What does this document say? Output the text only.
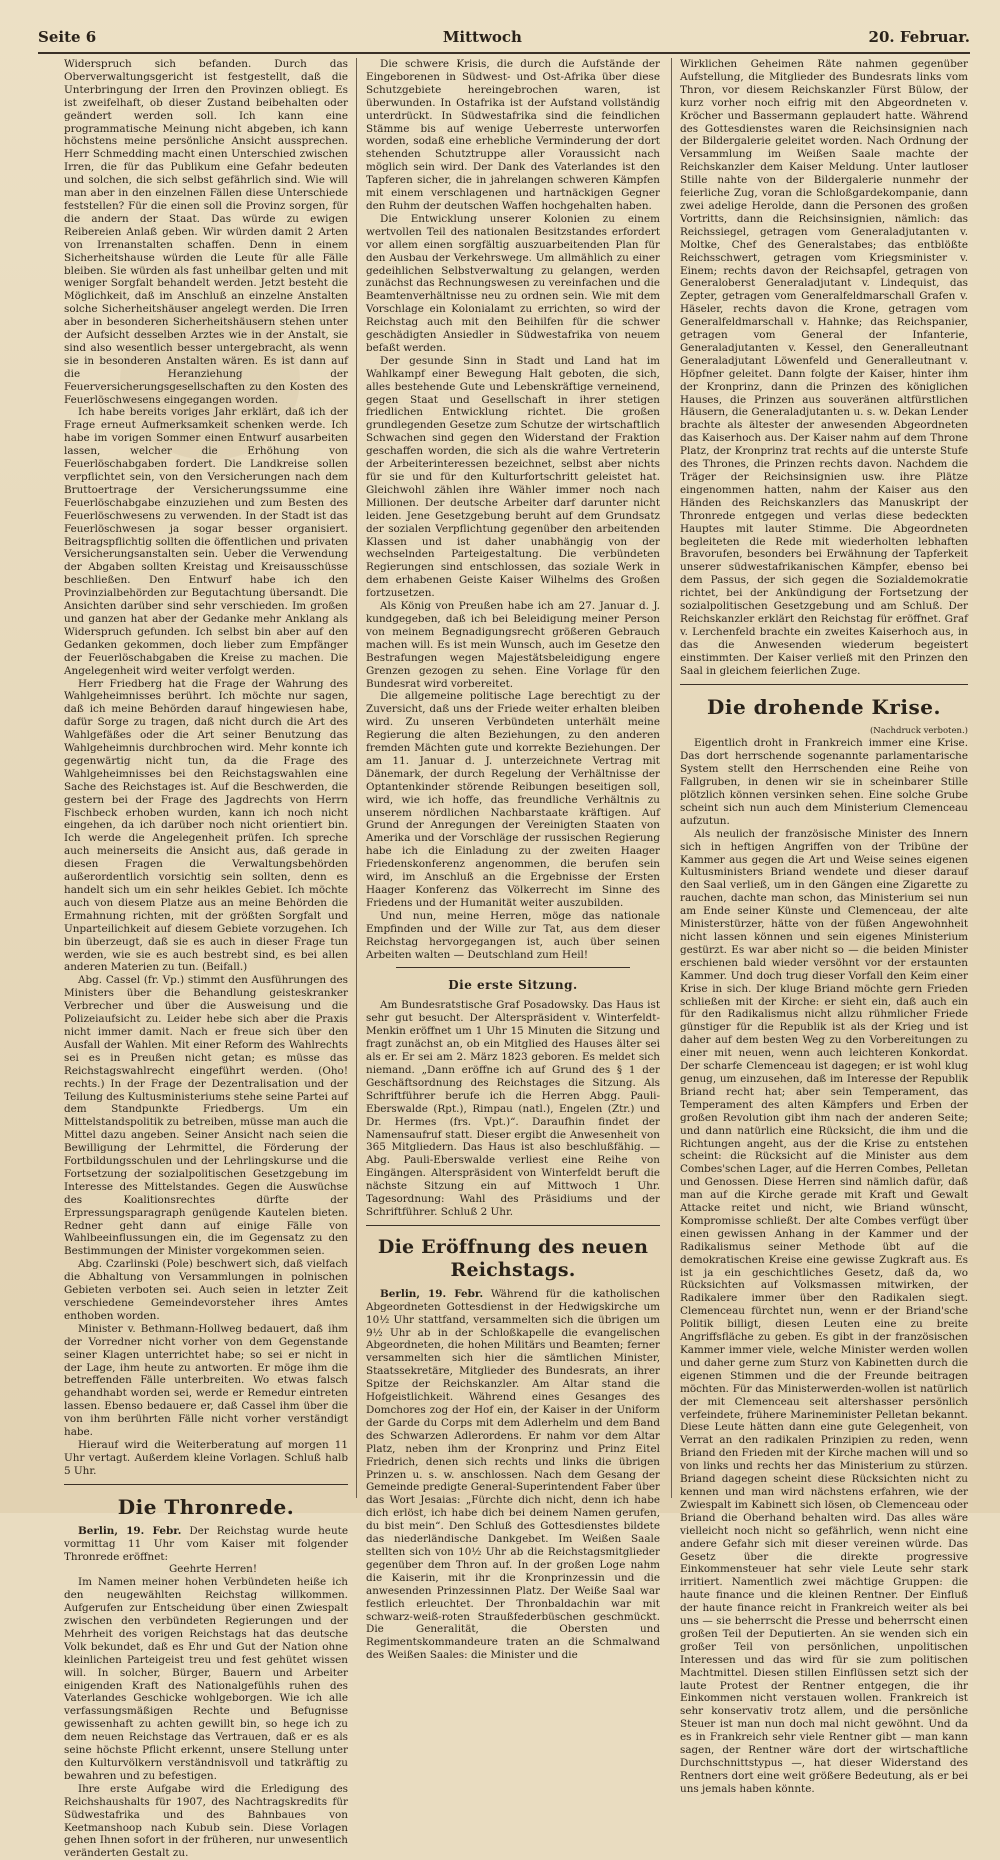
Seite 6	Mittwoch	20. Februar.

Widerspruch sich befanden. Durch das Oberverwaltungsgericht ist festgestellt, daß die Unterbringung der Irren den Provinzen obliegt. Es ist zweifelhaft, ob dieser Zustand beibehalten oder geändert werden soll. Ich kann eine programmatische Meinung nicht abgeben, ich kann höchstens meine persönliche Ansicht aussprechen. Herr Schmedding macht einen Unterschied zwischen Irren, die für das Publikum eine Gefahr bedeuten und solchen, die sich selbst gefährlich sind. Wie will man aber in den einzelnen Fällen diese Unterschiede feststellen? Für die einen soll die Provinz sorgen, für die andern der Staat. Das würde zu ewigen Reibereien Anlaß geben. Wir würden damit 2 Arten von Irrenanstalten schaffen. Denn in einem Sicherheitshause würden die Leute für alle Fälle bleiben. Sie würden als fast unheilbar gelten und mit weniger Sorgfalt behandelt werden. Jetzt besteht die Möglichkeit, daß im Anschluß an einzelne Anstalten solche Sicherheitshäuser angelegt werden. Die Irren aber in besonderen Sicherheitshäusern stehen unter der Aufsicht desselben Arztes wie in der Anstalt, sie sind also wesentlich besser untergebracht, als wenn sie in besonderen Anstalten wären. Es ist dann auf die Heranziehung der Feuerversicherungsgesellschaften zu den Kosten des Feuerlöschwesens eingegangen worden.

Ich habe bereits voriges Jahr erklärt, daß ich der Frage erneut Aufmerksamkeit schenken werde. Ich habe im vorigen Sommer einen Entwurf ausarbeiten lassen, welcher die Erhöhung von Feuerlöschabgaben fordert. Die Landkreise sollen verpflichtet sein, von den Versicherungen nach dem Bruttoertrage der Versicherungssumme eine Feuerlöschabgabe einzuziehen und zum Besten des Feuerlöschwesens zu verwenden. In der Stadt ist das Feuerlöschwesen ja sogar besser organisiert. Beitragspflichtig sollten die öffentlichen und privaten Versicherungsanstalten sein. Ueber die Verwendung der Abgaben sollten Kreistag und Kreisausschüsse beschließen. Den Entwurf habe ich den Provinzialbehörden zur Begutachtung übersandt. Die Ansichten darüber sind sehr verschieden. Im großen und ganzen hat aber der Gedanke mehr Anklang als Widerspruch gefunden. Ich selbst bin aber auf den Gedanken gekommen, doch lieber zum Empfänger der Feuerlöschabgaben die Kreise zu machen. Die Angelegenheit wird weiter verfolgt werden.

Herr Friedberg hat die Frage der Wahrung des Wahlgeheimnisses berührt. Ich möchte nur sagen, daß ich meine Behörden darauf hingewiesen habe, dafür Sorge zu tragen, daß nicht durch die Art des Wahlgefäßes oder die Art seiner Benutzung das Wahlgeheimnis durchbrochen wird. Mehr konnte ich gegenwärtig nicht tun, da die Frage des Wahlgeheimnisses bei den Reichstagswahlen eine Sache des Reichstages ist. Auf die Beschwerden, die gestern bei der Frage des Jagdrechts von Herrn Fischbeck erhoben wurden, kann ich noch nicht eingehen, da ich darüber noch nicht orientiert bin. Ich werde die Angelegenheit prüfen. Ich spreche auch meinerseits die Ansicht aus, daß gerade in diesen Fragen die Verwaltungsbehörden außerordentlich vorsichtig sein sollten, denn es handelt sich um ein sehr heikles Gebiet. Ich möchte auch von diesem Platze aus an meine Behörden die Ermahnung richten, mit der größten Sorgfalt und Unparteilichkeit auf diesem Gebiete vorzugehen. Ich bin überzeugt, daß sie es auch in dieser Frage tun werden, wie sie es auch bestrebt sind, es bei allen anderen Materien zu tun. (Beifall.)

Abg. Cassel (fr. Vp.) stimmt den Ausführungen des Ministers über die Behandlung geisteskranker Verbrecher und über die Ausweisung und die Polizeiaufsicht zu. Leider hebe sich aber die Praxis nicht immer damit. Nach er freue sich über den Ausfall der Wahlen. Mit einer Reform des Wahlrechts sei es in Preußen nicht getan; es müsse das Reichstagswahlrecht eingeführt werden. (Oho! rechts.) In der Frage der Dezentralisation und der Teilung des Kultusministeriums stehe seine Partei auf dem Standpunkte Friedbergs. Um ein Mittelstandspolitik zu betreiben, müsse man auch die Mittel dazu angeben. Seiner Ansicht nach seien die Bewilligung der Lehrmittel, die Förderung der Fortbildungsschulen und der Lehrlingskurse und die Fortsetzung der sozialpolitischen Gesetzgebung im Interesse des Mittelstandes. Gegen die Auswüchse des Koalitionsrechtes dürfte der Erpressungsparagraph genügende Kautelen bieten. Redner geht dann auf einige Fälle von Wahlbeeinflussungen ein, die im Gegensatz zu den Bestimmungen der Minister vorgekommen seien.

Abg. Czarlinski (Pole) beschwert sich, daß vielfach die Abhaltung von Versammlungen in polnischen Gebieten verboten sei. Auch seien in letzter Zeit verschiedene Gemeindevorsteher ihres Amtes enthoben worden.

Minister v. Bethmann-Hollweg bedauert, daß ihm der Vorredner nicht vorher von dem Gegenstande seiner Klagen unterrichtet habe; so sei er nicht in der Lage, ihm heute zu antworten. Er möge ihm die betreffenden Fälle unterbreiten. Wo etwas falsch gehandhabt worden sei, werde er Remedur eintreten lassen. Ebenso bedauere er, daß Cassel ihm über die von ihm berührten Fälle nicht vorher verständigt habe.

Hierauf wird die Weiterberatung auf morgen 11 Uhr vertagt. Außerdem kleine Vorlagen. Schluß halb 5 Uhr.

Die Thronrede.

Berlin, 19. Febr. Der Reichstag wurde heute vormittag 11 Uhr vom Kaiser mit folgender Thronrede eröffnet:

Geehrte Herren!

Im Namen meiner hohen Verbündeten heiße ich den neugewählten Reichstag willkommen. Aufgerufen zur Entscheidung über einen Zwiespalt zwischen den verbündeten Regierungen und der Mehrheit des vorigen Reichstags hat das deutsche Volk bekundet, daß es Ehr und Gut der Nation ohne kleinlichen Parteigeist treu und fest gehütet wissen will. In solcher, Bürger, Bauern und Arbeiter einigenden Kraft des Nationalgefühls ruhen des Vaterlandes Geschicke wohlgeborgen. Wie ich alle verfassungsmäßigen Rechte und Befugnisse gewissenhaft zu achten gewillt bin, so hege ich zu dem neuen Reichstage das Vertrauen, daß er es als seine höchste Pflicht erkennt, unsere Stellung unter den Kulturvölkern verständnisvoll und tatkräftig zu bewahren und zu befestigen.

Ihre erste Aufgabe wird die Erledigung des Reichshaushalts für 1907, des Nachtragskredits für Südwestafrika und des Bahnbaues von Keetmanshoop nach Kubub sein. Diese Vorlagen gehen Ihnen sofort in der früheren, nur unwesentlich veränderten Gestalt zu.

Die schwere Krisis, die durch die Aufstände der Eingeborenen in Südwest- und Ost-Afrika über diese Schutzgebiete hereingebrochen waren, ist überwunden. In Ostafrika ist der Aufstand vollständig unterdrückt. In Südwestafrika sind die feindlichen Stämme bis auf wenige Ueberreste unterworfen worden, sodaß eine erhebliche Verminderung der dort stehenden Schutztruppe aller Voraussicht nach möglich sein wird. Der Dank des Vaterlandes ist den Tapferen sicher, die in jahrelangen schweren Kämpfen mit einem verschlagenen und hartnäckigen Gegner den Ruhm der deutschen Waffen hochgehalten haben.

Die Entwicklung unserer Kolonien zu einem wertvollen Teil des nationalen Besitzstandes erfordert vor allem einen sorgfältig auszuarbeitenden Plan für den Ausbau der Verkehrswege. Um allmählich zu einer gedeihlichen Selbstverwaltung zu gelangen, werden zunächst das Rechnungswesen zu vereinfachen und die Beamtenverhältnisse neu zu ordnen sein. Wie mit dem Vorschlage ein Kolonialamt zu errichten, so wird der Reichstag auch mit den Beihilfen für die schwer geschädigten Ansiedler in Südwestafrika von neuem befaßt werden.

Der gesunde Sinn in Stadt und Land hat im Wahlkampf einer Bewegung Halt geboten, die sich, alles bestehende Gute und Lebenskräftige verneinend, gegen Staat und Gesellschaft in ihrer stetigen friedlichen Entwicklung richtet. Die großen grundlegenden Gesetze zum Schutze der wirtschaftlich Schwachen sind gegen den Widerstand der Fraktion geschaffen worden, die sich als die wahre Vertreterin der Arbeiterinteressen bezeichnet, selbst aber nichts für sie und für den Kulturfortschritt geleistet hat. Gleichwohl zählen ihre Wähler immer noch nach Millionen. Der deutsche Arbeiter darf darunter nicht leiden. Jene Gesetzgebung beruht auf dem Grundsatz der sozialen Verpflichtung gegenüber den arbeitenden Klassen und ist daher unabhängig von der wechselnden Parteigestaltung. Die verbündeten Regierungen sind entschlossen, das soziale Werk in dem erhabenen Geiste Kaiser Wilhelms des Großen fortzusetzen.

Als König von Preußen habe ich am 27. Januar d. J. kundgegeben, daß ich bei Beleidigung meiner Person von meinem Begnadigungsrecht größeren Gebrauch machen will. Es ist mein Wunsch, auch im Gesetze den Bestrafungen wegen Majestätsbeleidigung engere Grenzen gezogen zu sehen. Eine Vorlage für den Bundesrat wird vorbereitet.

Die allgemeine politische Lage berechtigt zu der Zuversicht, daß uns der Friede weiter erhalten bleiben wird. Zu unseren Verbündeten unterhält meine Regierung die alten Beziehungen, zu den anderen fremden Mächten gute und korrekte Beziehungen. Der am 11. Januar d. J. unterzeichnete Vertrag mit Dänemark, der durch Regelung der Verhältnisse der Optantenkinder störende Reibungen beseitigen soll, wird, wie ich hoffe, das freundliche Verhältnis zu unserem nördlichen Nachbarstaate kräftigen. Auf Grund der Anregungen der Vereinigten Staaten von Amerika und der Vorschläge der russischen Regierung habe ich die Einladung zu der zweiten Haager Friedenskonferenz angenommen, die berufen sein wird, im Anschluß an die Ergebnisse der Ersten Haager Konferenz das Völkerrecht im Sinne des Friedens und der Humanität weiter auszubilden.

Und nun, meine Herren, möge das nationale Empfinden und der Wille zur Tat, aus dem dieser Reichstag hervorgegangen ist, auch über seinen Arbeiten walten — Deutschland zum Heil!

Die erste Sitzung.

Am Bundesratstische Graf Posadowsky. Das Haus ist sehr gut besucht. Der Alterspräsident v. Winterfeldt-Menkin eröffnet um 1 Uhr 15 Minuten die Sitzung und fragt zunächst an, ob ein Mitglied des Hauses älter sei als er. Er sei am 2. März 1823 geboren. Es meldet sich niemand. „Dann eröffne ich auf Grund des § 1 der Geschäftsordnung des Reichstages die Sitzung. Als Schriftführer berufe ich die Herren Abgg. Pauli-Eberswalde (Rpt.), Rimpau (natl.), Engelen (Ztr.) und Dr. Hermes (frs. Vpt.)“. Daraufhin findet der Namensaufruf statt. Dieser ergibt die Anwesenheit von 365 Mitgliedern. Das Haus ist also beschlußfähig. — Abg. Pauli-Eberswalde verliest eine Reihe von Eingängen. Alterspräsident von Winterfeldt beruft die nächste Sitzung ein auf Mittwoch 1 Uhr. Tagesordnung: Wahl des Präsidiums und der Schriftführer. Schluß 2 Uhr.

Die Eröffnung des neuen Reichstags.

Berlin, 19. Febr. Während für die katholischen Abgeordneten Gottesdienst in der Hedwigskirche um 10½ Uhr stattfand, versammelten sich die übrigen um 9½ Uhr ab in der Schloßkapelle die evangelischen Abgeordneten, die hohen Militärs und Beamten; ferner versammelten sich hier die sämtlichen Minister, Staatssekretäre, Mitglieder des Bundesrats, an ihrer Spitze der Reichskanzler. Am Altar stand die Hofgeistlichkeit. Während eines Gesanges des Domchores zog der Hof ein, der Kaiser in der Uniform der Garde du Corps mit dem Adlerhelm und dem Band des Schwarzen Adlerordens. Er nahm vor dem Altar Platz, neben ihm der Kronprinz und Prinz Eitel Friedrich, denen sich rechts und links die übrigen Prinzen u. s. w. anschlossen. Nach dem Gesang der Gemeinde predigte General-Superintendent Faber über das Wort Jesaias: „Fürchte dich nicht, denn ich habe dich erlöst, ich habe dich bei deinem Namen gerufen, du bist mein“. Den Schluß des Gottesdienstes bildete das niederländische Dankgebet. Im Weißen Saale stellten sich von 10½ Uhr ab die Reichstagsmitglieder gegenüber dem Thron auf. In der großen Loge nahm die Kaiserin, mit ihr die Kronprinzessin und die anwesenden Prinzessinnen Platz. Der Weiße Saal war festlich erleuchtet. Der Thronbaldachin war mit schwarz-weiß-roten Straußfederbüschen geschmückt. Die Generalität, die Obersten und Regimentskommandeure traten an die Schmalwand des Weißen Saales: die Minister und die

Wirklichen Geheimen Räte nahmen gegenüber Aufstellung, die Mitglieder des Bundesrats links vom Thron, vor diesem Reichskanzler Fürst Bülow, der kurz vorher noch eifrig mit den Abgeordneten v. Kröcher und Bassermann geplaudert hatte. Während des Gottesdienstes waren die Reichsinsignien nach der Bildergalerie geleitet worden. Nach Ordnung der Versammlung im Weißen Saale machte der Reichskanzler dem Kaiser Meldung. Unter lautloser Stille nahte von der Bildergalerie nunmehr der feierliche Zug, voran die Schloßgardekompanie, dann zwei adelige Herolde, dann die Personen des großen Vortritts, dann die Reichsinsignien, nämlich: das Reichssiegel, getragen vom Generaladjutanten v. Moltke, Chef des Generalstabes; das entblößte Reichsschwert, getragen vom Kriegsminister v. Einem; rechts davon der Reichsapfel, getragen von Generaloberst Generaladjutant v. Lindequist, das Zepter, getragen vom Generalfeldmarschall Grafen v. Häseler, rechts davon die Krone, getragen vom Generalfeldmarschall v. Hahnke; das Reichspanier, getragen vom General der Infanterie, Generaladjutanten v. Kessel, den Generalleutnant Generaladjutant Löwenfeld und Generalleutnant v. Höpfner geleitet. Dann folgte der Kaiser, hinter ihm der Kronprinz, dann die Prinzen des königlichen Hauses, die Prinzen aus souveränen altfürstlichen Häusern, die Generaladjutanten u. s. w. Dekan Lender brachte als ältester der anwesenden Abgeordneten das Kaiserhoch aus. Der Kaiser nahm auf dem Throne Platz, der Kronprinz trat rechts auf die unterste Stufe des Thrones, die Prinzen rechts davon. Nachdem die Träger der Reichsinsignien usw. ihre Plätze eingenommen hatten, nahm der Kaiser aus den Händen des Reichskanzlers das Manuskript der Thronrede entgegen und verlas diese bedeckten Hauptes mit lauter Stimme. Die Abgeordneten begleiteten die Rede mit wiederholten lebhaften Bravorufen, besonders bei Erwähnung der Tapferkeit unserer südwestafrikanischen Kämpfer, ebenso bei dem Passus, der sich gegen die Sozialdemokratie richtet, bei der Ankündigung der Fortsetzung der sozialpolitischen Gesetzgebung und am Schluß. Der Reichskanzler erklärt den Reichstag für eröffnet. Graf v. Lerchenfeld brachte ein zweites Kaiserhoch aus, in das die Anwesenden wiederum begeistert einstimmten. Der Kaiser verließ mit den Prinzen den Saal in gleichem feierlichen Zuge.

Die drohende Krise.

(Nachdruck verboten.)

Eigentlich droht in Frankreich immer eine Krise. Das dort herrschende sogenannte parlamentarische System stellt den Herrschenden eine Reihe von Fallgruben, in denen wir sie in scheinbarer Stille plötzlich können versinken sehen. Eine solche Grube scheint sich nun auch dem Ministerium Clemenceau aufzutun.

Als neulich der französische Minister des Innern sich in heftigen Angriffen von der Tribüne der Kammer aus gegen die Art und Weise seines eigenen Kultusministers Briand wendete und dieser darauf den Saal verließ, um in den Gängen eine Zigarette zu rauchen, dachte man schon, das Ministerium sei nun am Ende seiner Künste und Clemenceau, der alte Ministerstürzer, hätte von der füßen Angewohnheit nicht lassen können und sein eigenes Ministerium gestürzt. Es war aber nicht so — die beiden Minister erschienen bald wieder versöhnt vor der erstaunten Kammer. Und doch trug dieser Vorfall den Keim einer Krise in sich. Der kluge Briand möchte gern Frieden schließen mit der Kirche: er sieht ein, daß auch ein für den Radikalismus nicht allzu rühmlicher Friede günstiger für die Republik ist als der Krieg und ist daher auf dem besten Weg zu den Vorbereitungen zu einer mit neuen, wenn auch leichteren Konkordat. Der scharfe Clemenceau ist dagegen; er ist wohl klug genug, um einzusehen, daß im Interesse der Republik Briand recht hat; aber sein Temperament, das Temperament des alten Kämpfers und Erben der großen Revolution gibt ihm nach der anderen Seite; und dann natürlich eine Rücksicht, die ihm und die Richtungen angeht, aus der die Krise zu entstehen scheint: die Rücksicht auf die Minister aus dem Combes'schen Lager, auf die Herren Combes, Pelletan und Genossen. Diese Herren sind nämlich dafür, daß man auf die Kirche gerade mit Kraft und Gewalt Attacke reitet und nicht, wie Briand wünscht, Kompromisse schließt. Der alte Combes verfügt über einen gewissen Anhang in der Kammer und der Radikalismus seiner Methode übt auf die demokratischen Kreise eine gewisse Zugkraft aus. Es ist ja ein geschichtliches Gesetz, daß da, wo Rücksichten auf Volksmassen mitwirken, der Radikalere immer über den Radikalen siegt. Clemenceau fürchtet nun, wenn er der Briand'sche Politik billigt, diesen Leuten eine zu breite Angriffsfläche zu geben. Es gibt in der französischen Kammer immer viele, welche Minister werden wollen und daher gerne zum Sturz von Kabinetten durch die eigenen Stimmen und die der Freunde beitragen möchten. Für das Ministerwerden-wollen ist natürlich der mit Clemenceau seit altershasser persönlich verfeindete, frühere Marineminister Pelletan bekannt. Diese Leute hätten dann eine gute Gelegenheit, von Verrat an den radikalen Prinzipien zu reden, wenn Briand den Frieden mit der Kirche machen will und so von links und rechts her das Ministerium zu stürzen. Briand dagegen scheint diese Rücksichten nicht zu kennen und man wird nächstens erfahren, wie der Zwiespalt im Kabinett sich lösen, ob Clemenceau oder Briand die Oberhand behalten wird. Das alles wäre vielleicht noch nicht so gefährlich, wenn nicht eine andere Gefahr sich mit dieser vereinen würde. Das Gesetz über die direkte progressive Einkommensteuer hat sehr viele Leute sehr stark irritiert. Namentlich zwei mächtige Gruppen: die haute finance und die kleinen Rentner. Der Einfluß der haute finance reicht in Frankreich weiter als bei uns — sie beherrscht die Presse und beherrscht einen großen Teil der Deputierten. An sie wenden sich ein großer Teil von persönlichen, unpolitischen Interessen und das wird für sie zum politischen Machtmittel. Diesen stillen Einflüssen setzt sich der laute Protest der Rentner entgegen, die ihr Einkommen nicht verstauen wollen. Frankreich ist sehr konservativ trotz allem, und die persönliche Steuer ist man nun doch mal nicht gewöhnt. Und da es in Frankreich sehr viele Rentner gibt — man kann sagen, der Rentner wäre dort der wirtschaftliche Durchschnittstypus —, hat dieser Widerstand des Rentners dort eine weit größere Bedeutung, als er bei uns jemals haben könnte.
